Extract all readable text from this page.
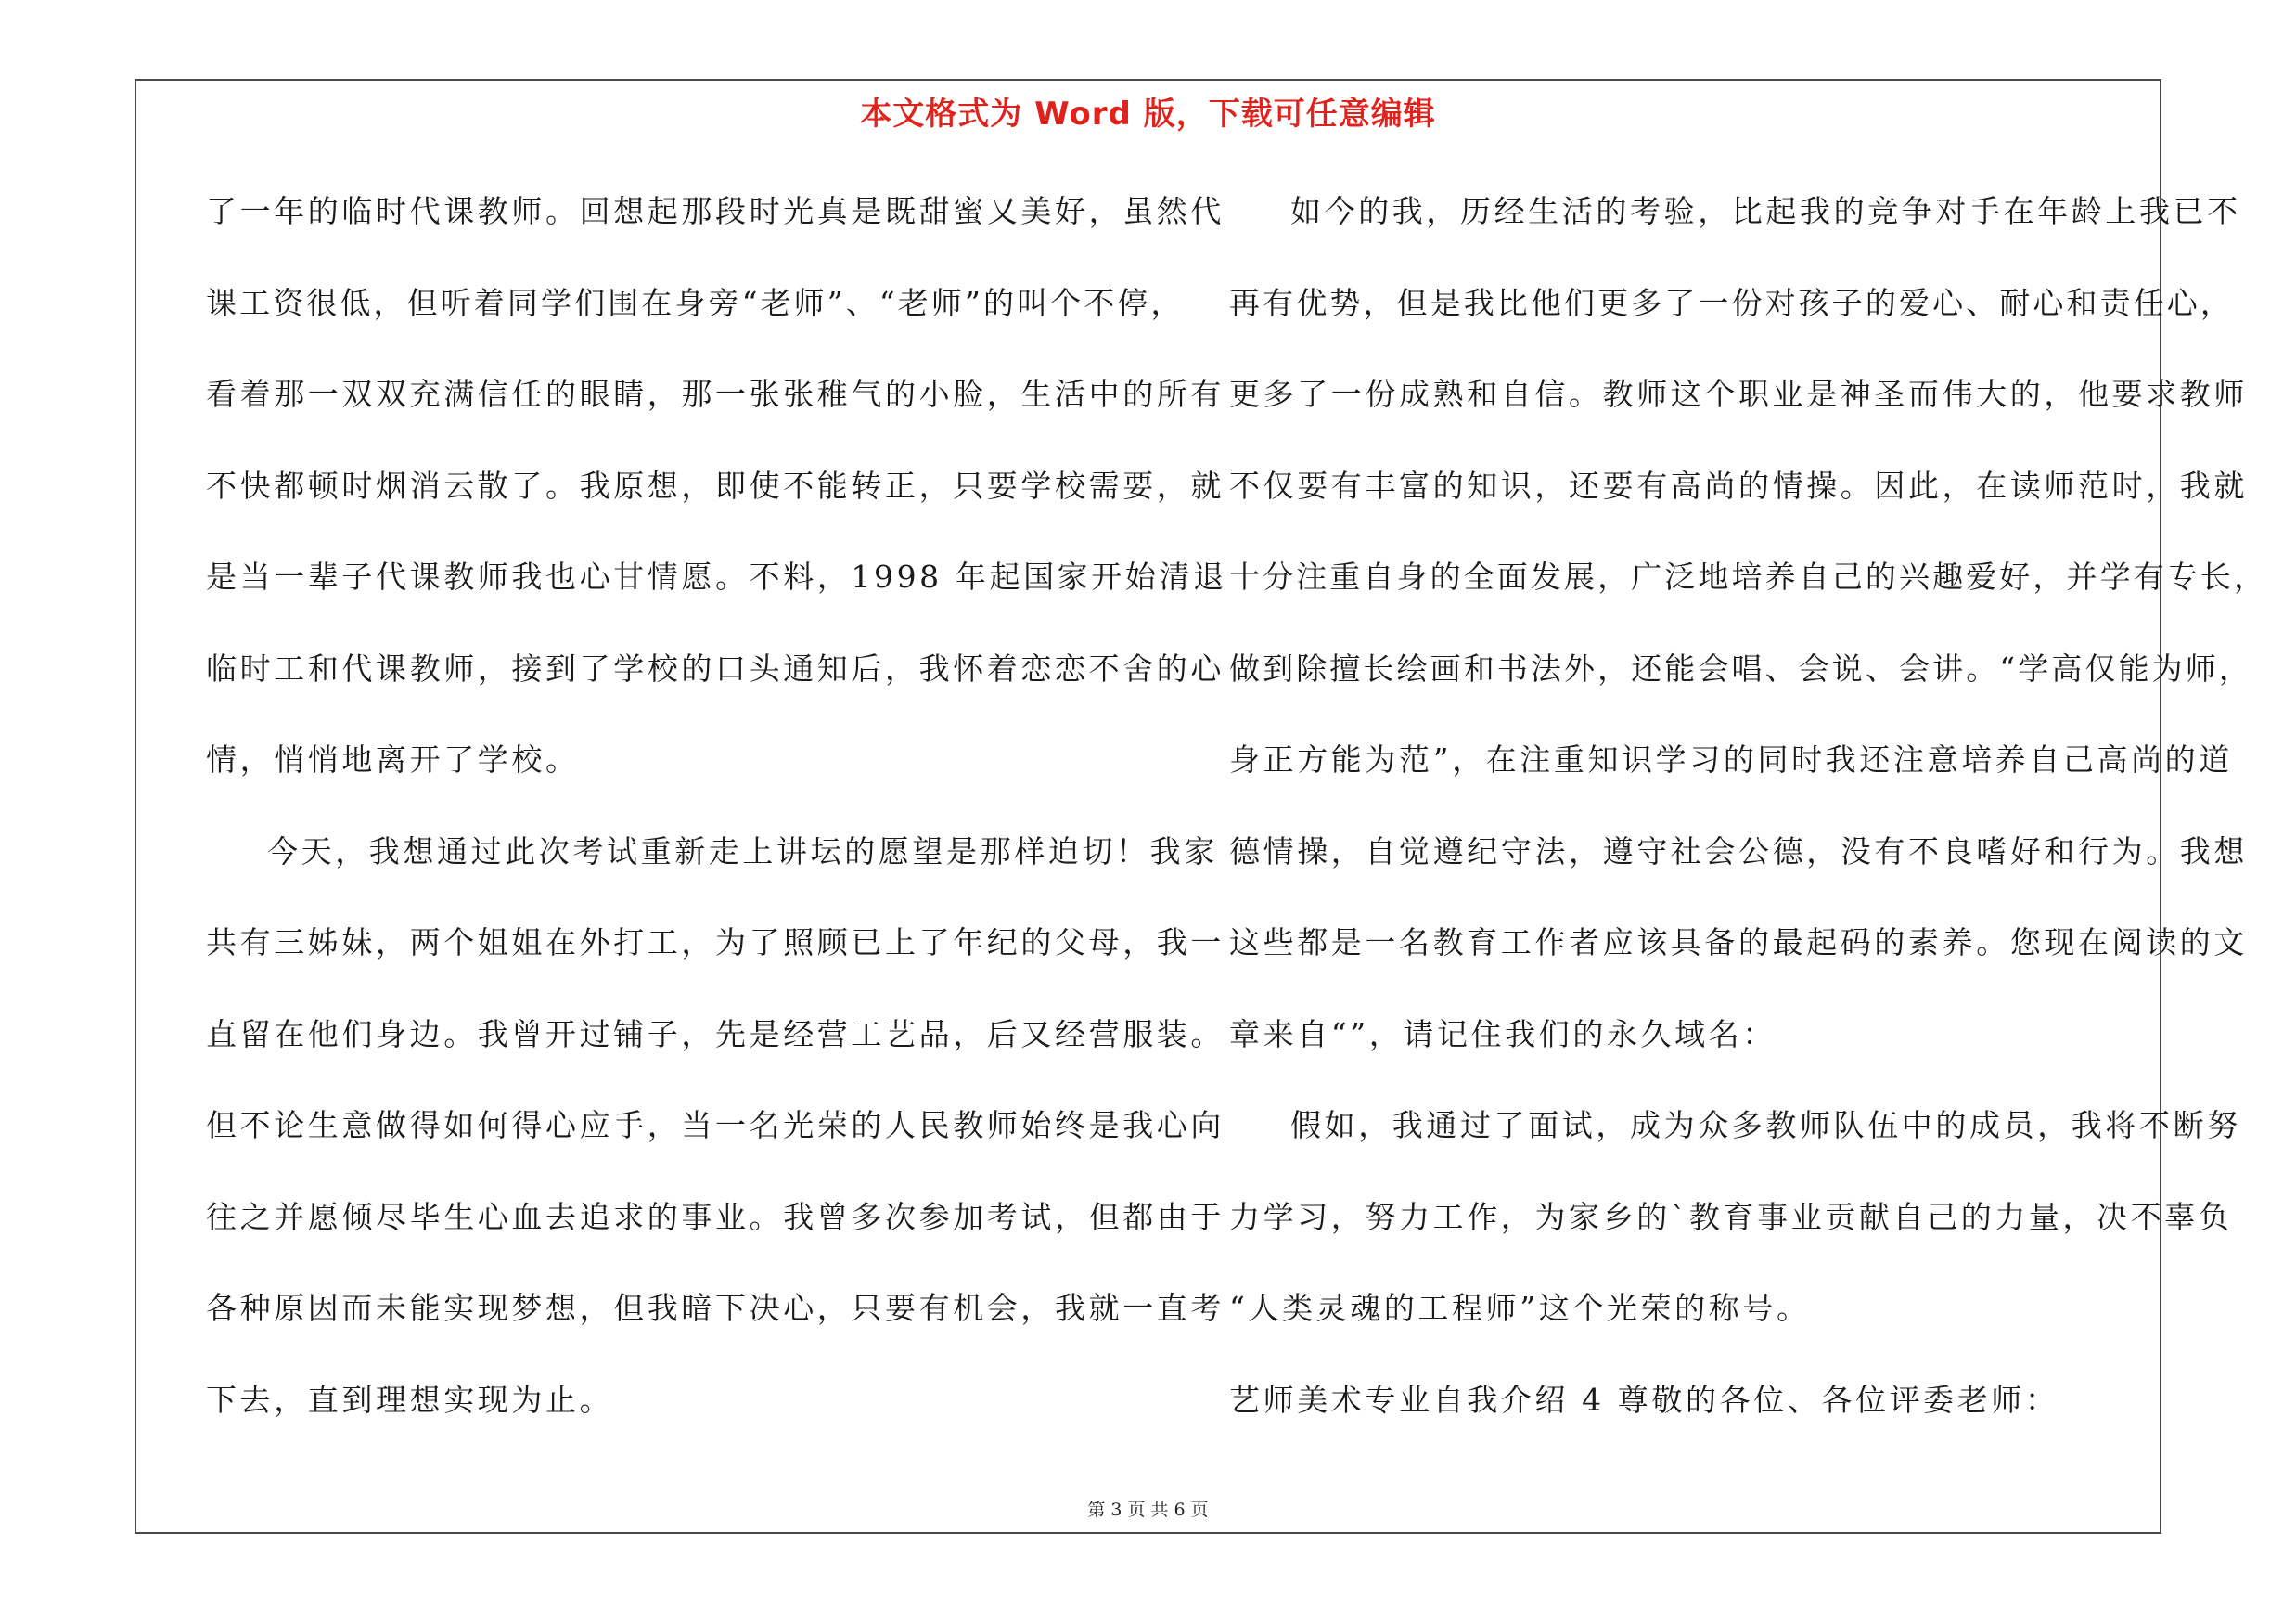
本文格式为 Word 版，下载可任意编辑
了一年的临时代课教师。回想起那段时光真是既甜蜜又美好，虽然代
课工资很低，但听着同学们围在身旁“老师”、“老师”的叫个不停，
看着那一双双充满信任的眼睛，那一张张稚气的小脸，生活中的所有
不快都顿时烟消云散了。我原想，即使不能转正，只要学校需要，就
是当一辈子代课教师我也心甘情愿。不料，1998 年起国家开始清退
临时工和代课教师，接到了学校的口头通知后，我怀着恋恋不舍的心
情，悄悄地离开了学校。
今天，我想通过此次考试重新走上讲坛的愿望是那样迫切！我家
共有三姊妹，两个姐姐在外打工，为了照顾已上了年纪的父母，我一
直留在他们身边。我曾开过铺子，先是经营工艺品，后又经营服装。
但不论生意做得如何得心应手，当一名光荣的人民教师始终是我心向
往之并愿倾尽毕生心血去追求的事业。我曾多次参加考试，但都由于
各种原因而未能实现梦想，但我暗下决心，只要有机会，我就一直考
下去，直到理想实现为止。
如今的我，历经生活的考验，比起我的竞争对手在年龄上我已不
再有优势，但是我比他们更多了一份对孩子的爱心、耐心和责任心，
更多了一份成熟和自信。教师这个职业是神圣而伟大的，他要求教师
不仅要有丰富的知识，还要有高尚的情操。因此，在读师范时，我就
十分注重自身的全面发展，广泛地培养自己的兴趣爱好，并学有专长，
做到除擅长绘画和书法外，还能会唱、会说、会讲。“学高仅能为师，
身正方能为范”，在注重知识学习的同时我还注意培养自己高尚的道
德情操，自觉遵纪守法，遵守社会公德，没有不良嗜好和行为。我想
这些都是一名教育工作者应该具备的最起码的素养。您现在阅读的文
章来自“”，请记住我们的永久域名：
假如，我通过了面试，成为众多教师队伍中的成员，我将不断努
力学习，努力工作，为家乡的`教育事业贡献自己的力量，决不辜负
“人类灵魂的工程师”这个光荣的称号。
艺师美术专业自我介绍 4 尊敬的各位、各位评委老师：
第 3 页 共 6 页
